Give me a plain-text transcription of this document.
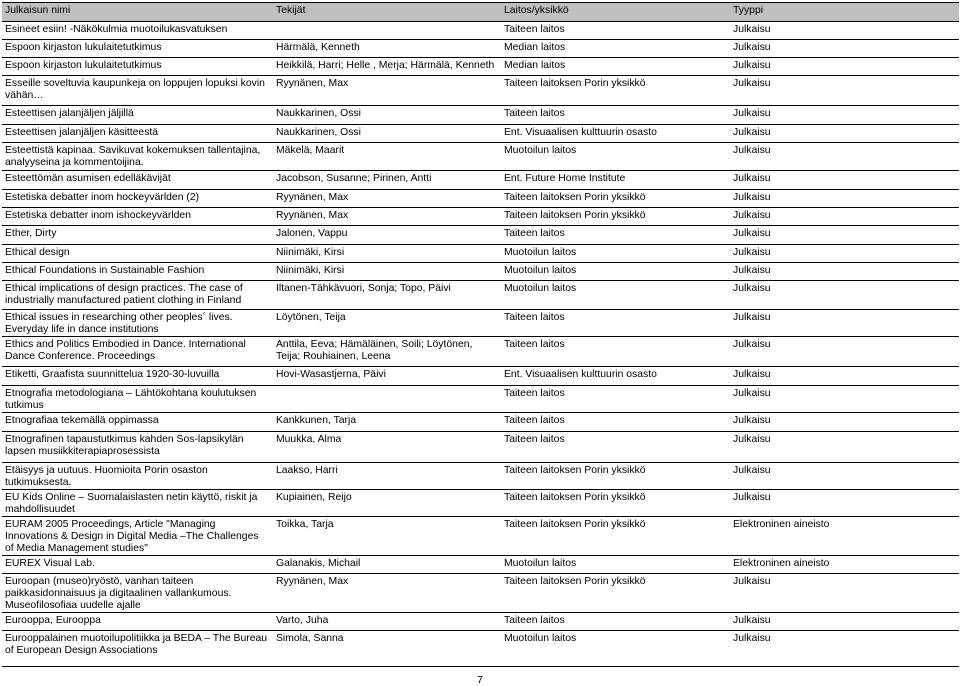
Julkaisun nimi	Tekijät	Laitos/yksikkö	Tyyppi
Esineet esiin! -Näkökulmia muotoilukasvatuksen		Taiteen laitos	Julkaisu
Espoon kirjaston lukulaitetutkimus	Härmälä, Kenneth	Median laitos	Julkaisu
Espoon kirjaston lukulaitetutkimus	Heikkilä, Harri; Helle , Merja; Härmälä, Kenneth	Median laitos	Julkaisu
Esseille soveltuvia kaupunkeja on loppujen lopuksi kovin vähän…	Ryynänen, Max	Taiteen laitoksen Porin yksikkö	Julkaisu
Esteettisen jalanjäljen jäljillä	Naukkarinen, Ossi	Taiteen laitos	Julkaisu
Esteettisen jalanjäljen käsitteestä	Naukkarinen, Ossi	Ent. Visuaalisen kulttuurin osasto	Julkaisu
Esteettistä kapinaa. Savikuvat kokemuksen tallentajina, analyyseina ja kommentoijina.	Mäkelä, Maarit	Muotoilun laitos	Julkaisu
Esteettömän asumisen edelläkävijät	Jacobson, Susanne; Pirinen, Antti	Ent. Future Home Institute	Julkaisu
Estetiska debatter inom hockeyvärlden (2)	Ryynänen, Max	Taiteen laitoksen Porin yksikkö	Julkaisu
Estetiska debatter inom ishockeyvärlden	Ryynänen, Max	Taiteen laitoksen Porin yksikkö	Julkaisu
Ether, Dirty	Jalonen, Vappu	Taiteen laitos	Julkaisu
Ethical design	Niinimäki, Kirsi	Muotoilun laitos	Julkaisu
Ethical Foundations in Sustainable Fashion	Niinimäki, Kirsi	Muotoilun laitos	Julkaisu
Ethical implications of design practices. The case of industrially manufactured patient clothing in Finland	Iltanen-Tähkävuori, Sonja; Topo, Päivi	Muotoilun laitos	Julkaisu
Ethical issues in researching other peoples´ lives. Everyday life in dance institutions	Löytönen, Teija	Taiteen laitos	Julkaisu
Ethics and Politics Embodied in Dance. International Dance Conference. Proceedings	Anttila, Eeva; Hämäläinen, Soili; Löytönen, Teija; Rouhiainen, Leena	Taiteen laitos	Julkaisu
Etiketti, Graafista suunnittelua 1920-30-luvuilla	Hovi-Wasastjerna, Päivi	Ent. Visuaalisen kulttuurin osasto	Julkaisu
Etnografia metodologiana – Lähtökohtana koulutuksen tutkimus		Taiteen laitos	Julkaisu
Etnografiaa tekemällä oppimassa	Kankkunen, Tarja	Taiteen laitos	Julkaisu
Etnografinen tapaustutkimus kahden Sos-lapsikylän lapsen musiikkiterapiaprosessista	Muukka, Alma	Taiteen laitos	Julkaisu
Etäisyys ja uutuus. Huomioita Porin osaston tutkimuksesta.	Laakso, Harri	Taiteen laitoksen Porin yksikkö	Julkaisu
EU Kids Online – Suomalaislasten netin käyttö, riskit ja mahdollisuudet	Kupiainen, Reijo	Taiteen laitoksen Porin yksikkö	Julkaisu
EURAM 2005 Proceedings, Article "Managing Innovations & Design in Digital Media –The Challenges of Media Management studies"	Toikka, Tarja	Taiteen laitoksen Porin yksikkö	Elektroninen aineisto
EUREX Visual Lab.	Galanakis, Michail	Muotoilun laitos	Elektroninen aineisto
Euroopan (museo)ryöstö, vanhan taiteen paikkasidonnaisuus ja digitaalinen vallankumous. Museofilosofiaa uudelle ajalle	Ryynänen, Max	Taiteen laitoksen Porin yksikkö	Julkaisu
Eurooppa, Eurooppa	Varto, Juha	Taiteen laitos	Julkaisu
Eurooppalainen muotoilupolitiikka ja BEDA – The Bureau of European Design Associations	Simola, Sanna	Muotoilun laitos	Julkaisu
7
